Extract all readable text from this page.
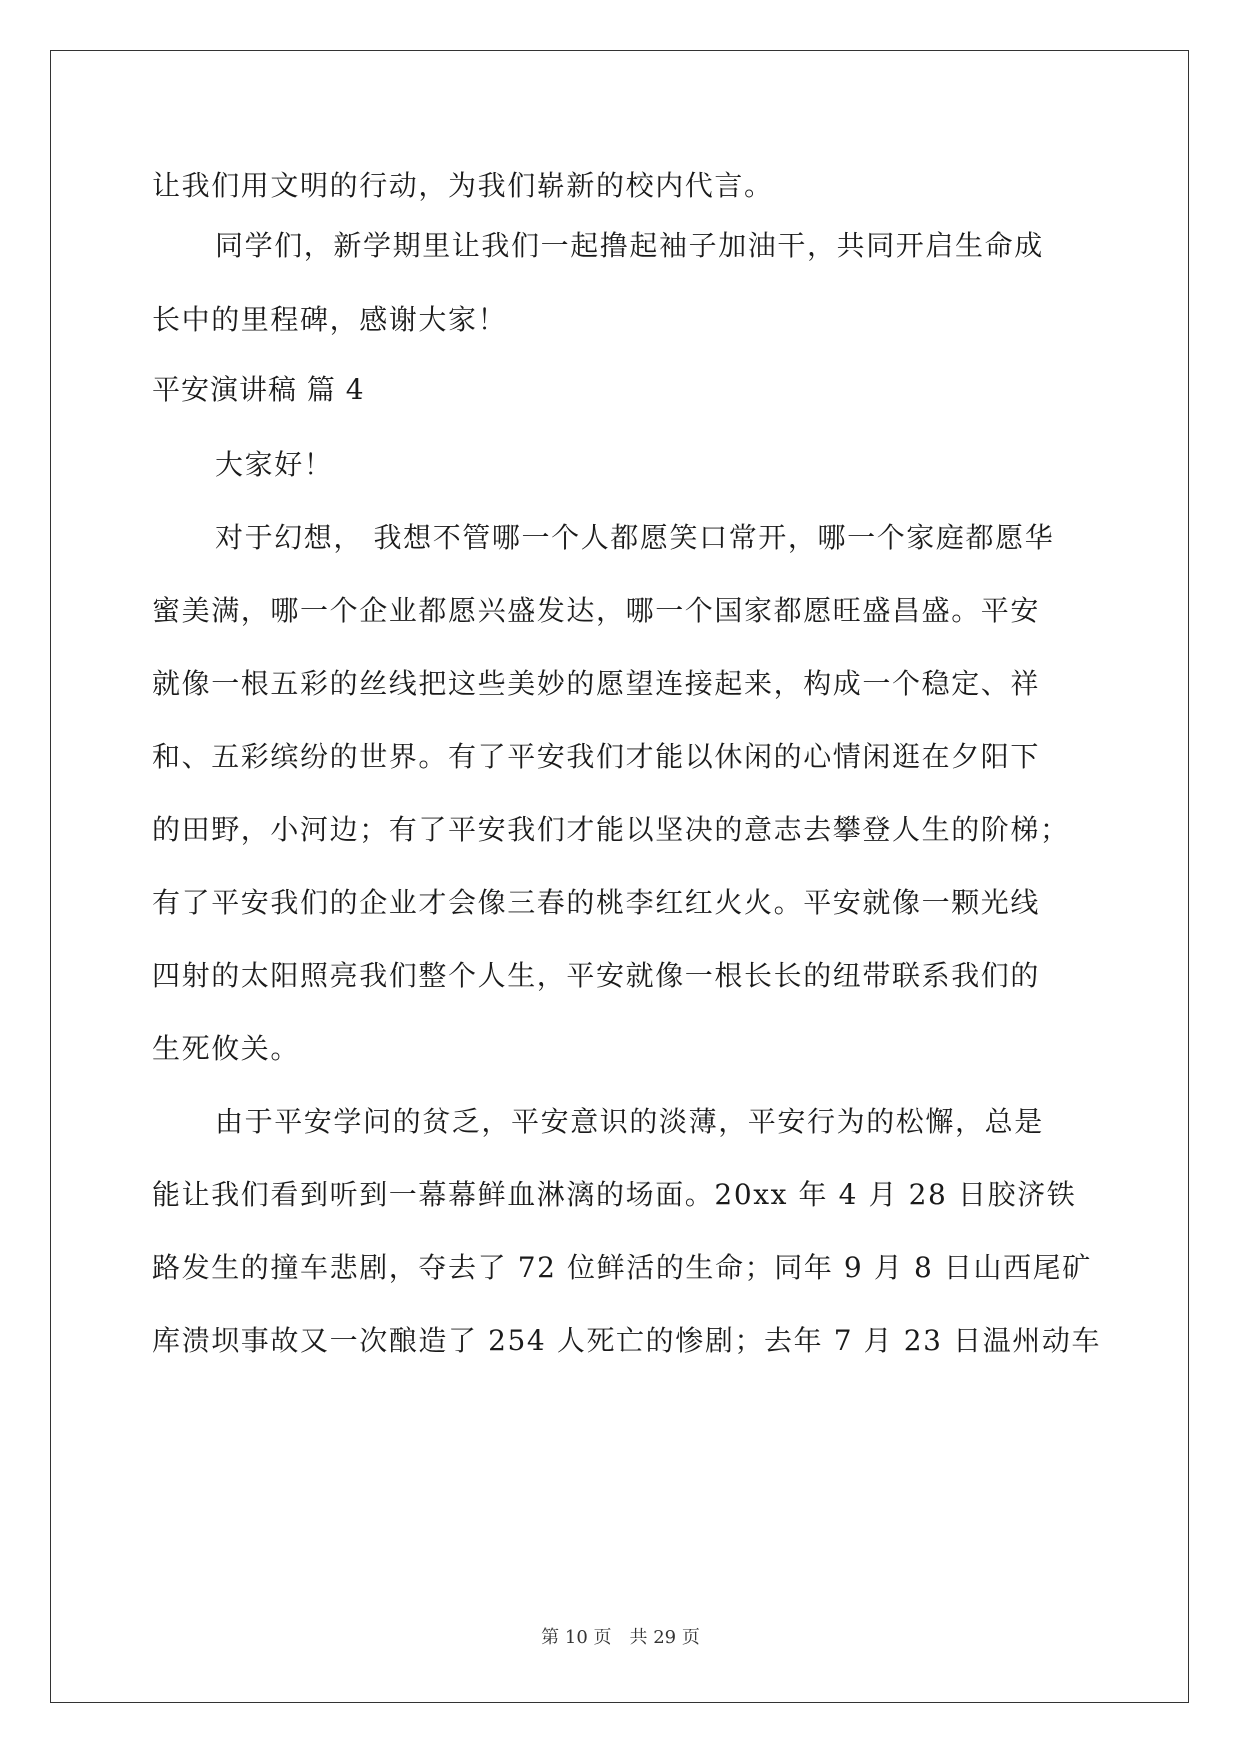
让我们用文明的行动，为我们崭新的校内代言。
同学们，新学期里让我们一起撸起袖子加油干，共同开启生命成
长中的里程碑，感谢大家！
平安演讲稿 篇 4
大家好！
对于幻想， 我想不管哪一个人都愿笑口常开，哪一个家庭都愿华
蜜美满，哪一个企业都愿兴盛发达，哪一个国家都愿旺盛昌盛。平安
就像一根五彩的丝线把这些美妙的愿望连接起来，构成一个稳定、祥
和、五彩缤纷的世界。有了平安我们才能以休闲的心情闲逛在夕阳下
的田野，小河边；有了平安我们才能以坚决的意志去攀登人生的阶梯；
有了平安我们的企业才会像三春的桃李红红火火。平安就像一颗光线
四射的太阳照亮我们整个人生，平安就像一根长长的纽带联系我们的
生死攸关。
由于平安学问的贫乏，平安意识的淡薄，平安行为的松懈，总是
能让我们看到听到一幕幕鲜血淋漓的场面。20xx 年 4 月 28 日胶济铁
路发生的撞车悲剧，夺去了 72 位鲜活的生命；同年 9 月 8 日山西尾矿
库溃坝事故又一次酿造了 254 人死亡的惨剧；去年 7 月 23 日温州动车
第 10 页　共 29 页
